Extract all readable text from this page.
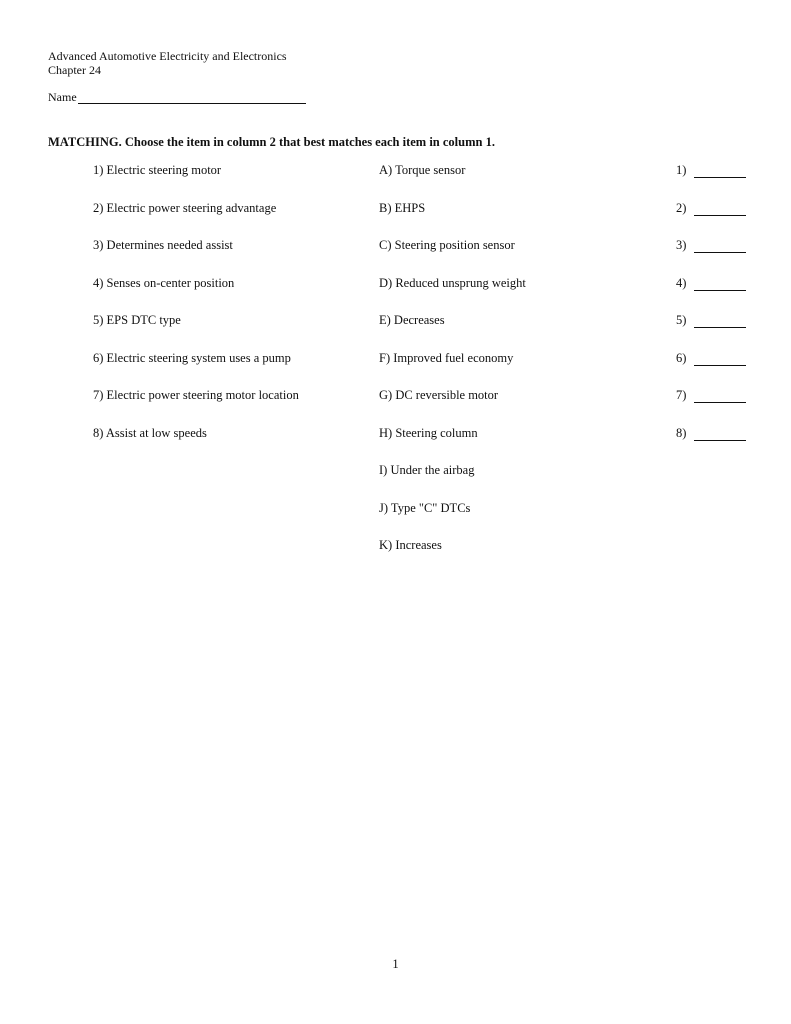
Advanced Automotive Electricity and Electronics
Chapter 24
Name
MATCHING. Choose the item in column 2 that best matches each item in column 1.
1) Electric steering motor
2) Electric power steering advantage
3) Determines needed assist
4) Senses on-center position
5) EPS DTC type
6) Electric steering system uses a pump
7) Electric power steering motor location
8) Assist at low speeds
A) Torque sensor
B) EHPS
C) Steering position sensor
D) Reduced unsprung weight
E) Decreases
F) Improved fuel economy
G) DC reversible motor
H) Steering column
I) Under the airbag
J) Type "C" DTCs
K) Increases
1)
2)
3)
4)
5)
6)
7)
8)
1
